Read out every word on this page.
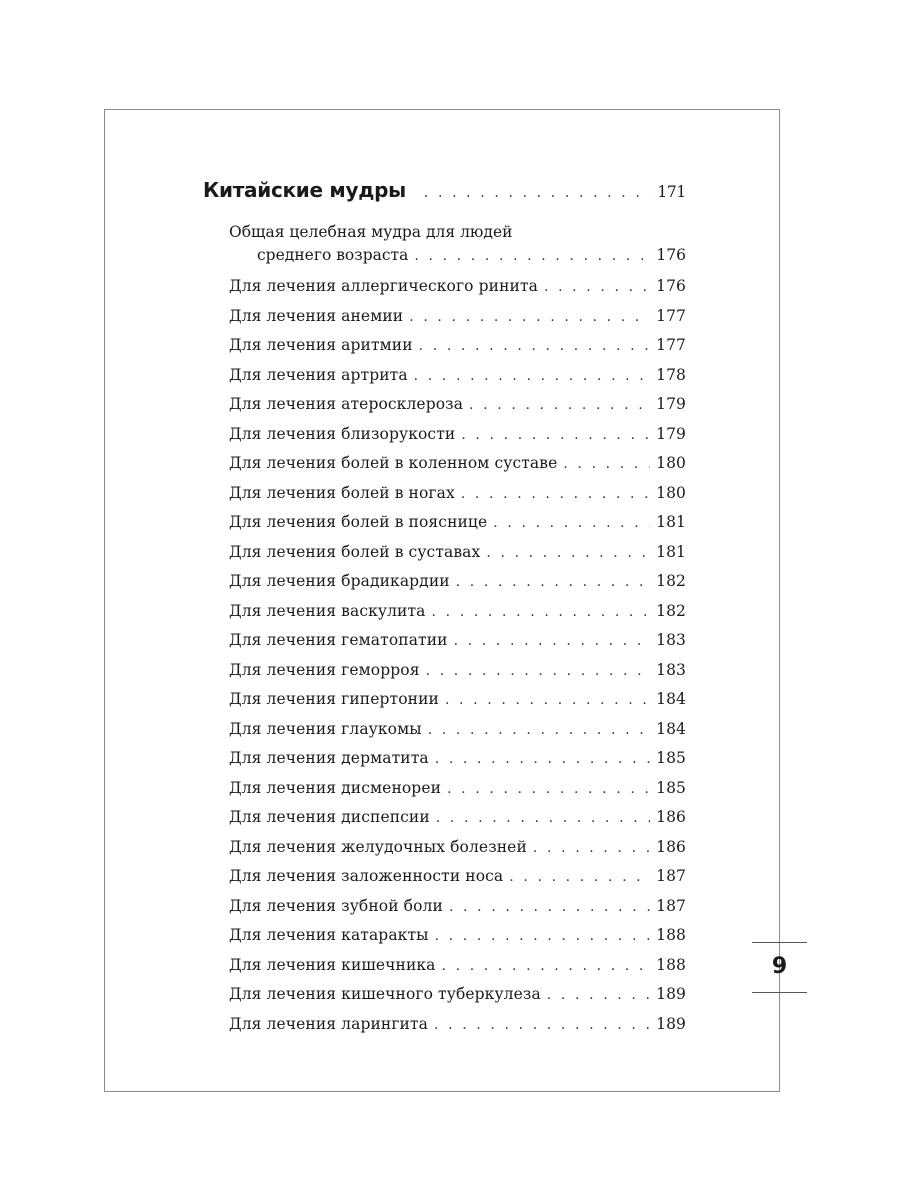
Китайские мудры . . .	171
Общая целебная мудра для людей
среднего возраста . . .	176
Для лечения аллергического ринита . . .	176
Для лечения анемии . . .	177
Для лечения аритмии . . .	177
Для лечения артрита . . .	178
Для лечения атеросклероза . . .	179
Для лечения близорукости . . .	179
Для лечения болей в коленном суставе . . .	180
Для лечения болей в ногах . . .	180
Для лечения болей в пояснице . . .	181
Для лечения болей в суставах . . .	181
Для лечения брадикардии . . .	182
Для лечения васкулита . . .	182
Для лечения гематопатии . . .	183
Для лечения геморроя . . .	183
Для лечения гипертонии . . .	184
Для лечения глаукомы . . .	184
Для лечения дерматита . . .	185
Для лечения дисменореи . . .	185
Для лечения диспепсии . . .	186
Для лечения желудочных болезней . . .	186
Для лечения заложенности носа . . .	187
Для лечения зубной боли . . .	187
Для лечения катаракты . . .	188
Для лечения кишечника . . .	188
Для лечения кишечного туберкулеза . . .	189
Для лечения ларингита . . .	189
9
